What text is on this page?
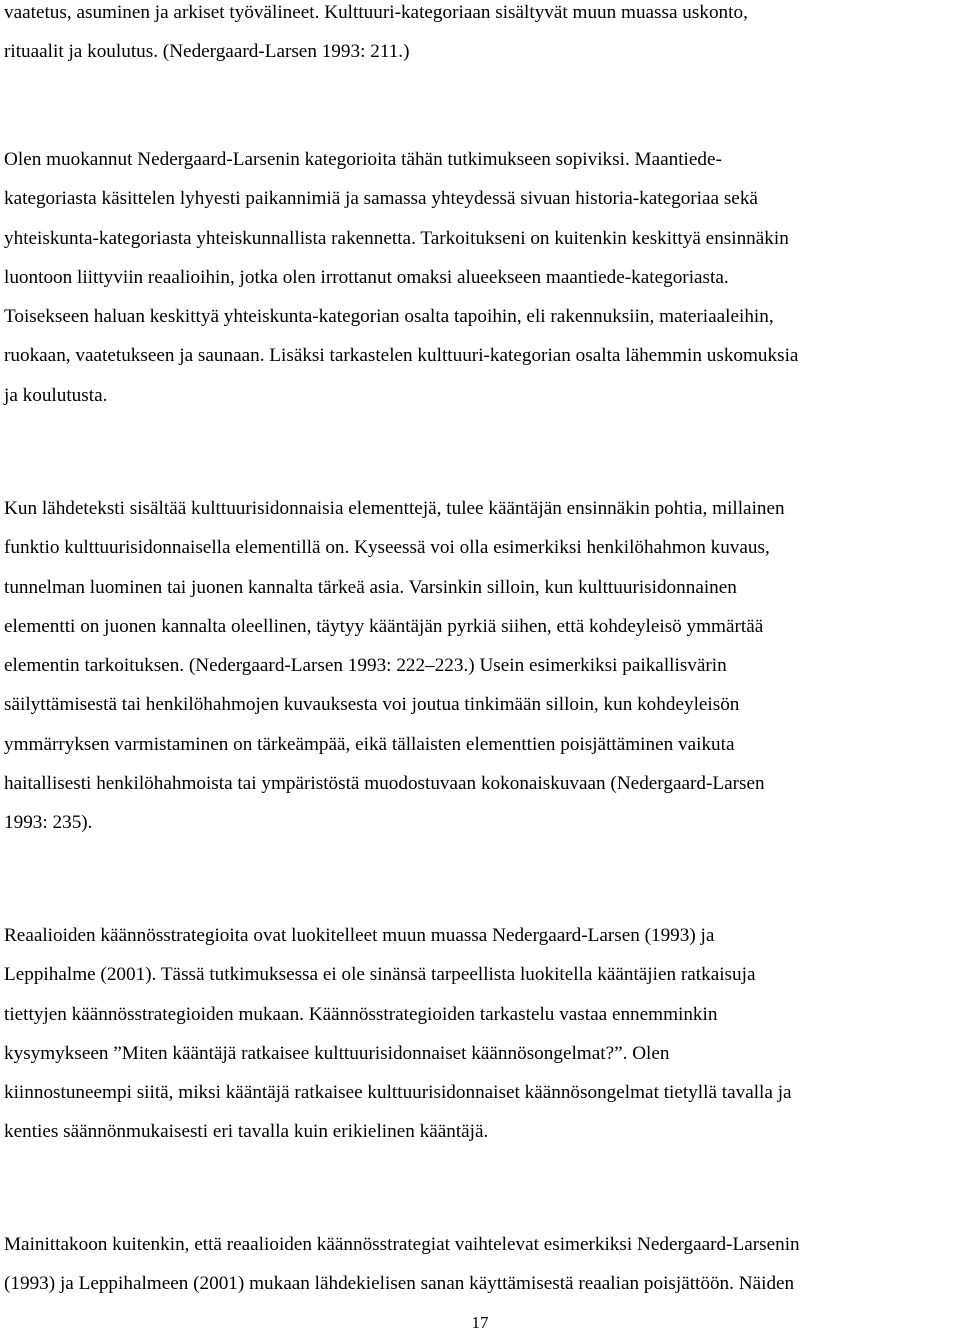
vaatetus, asuminen ja arkiset työvälineet. Kulttuuri-kategoriaan sisältyvät muun muassa uskonto,
rituaalit ja koulutus. (Nedergaard-Larsen 1993: 211.)

Olen muokannut Nedergaard-Larsenin kategorioita tähän tutkimukseen sopiviksi. Maantiede-
kategoriasta käsittelen lyhyesti paikannimiä ja samassa yhteydessä sivuan historia-kategoriaa sekä
yhteiskunta-kategoriasta yhteiskunnallista rakennetta. Tarkoitukseni on kuitenkin keskittyä ensinnäkin
luontoon liittyviin reaalioihin, jotka olen irrottanut omaksi alueekseen maantiede-kategoriasta.
Toisekseen haluan keskittyä yhteiskunta-kategorian osalta tapoihin, eli rakennuksiin, materiaaleihin,
ruokaan, vaatetukseen ja saunaan. Lisäksi tarkastelen kulttuuri-kategorian osalta lähemmin uskomuksia
ja koulutusta.

Kun lähdeteksti sisältää kulttuurisidonnaisia elementtejä, tulee kääntäjän ensinnäkin pohtia, millainen
funktio kulttuurisidonnaisella elementillä on. Kyseessä voi olla esimerkiksi henkilöhahmon kuvaus,
tunnelman luominen tai juonen kannalta tärkeä asia. Varsinkin silloin, kun kulttuurisidonnainen
elementti on juonen kannalta oleellinen, täytyy kääntäjän pyrkiä siihen, että kohdeyleisö ymmärtää
elementin tarkoituksen. (Nedergaard-Larsen 1993: 222–223.) Usein esimerkiksi paikallisvärin
säilyttämisestä tai henkilöhahmojen kuvauksesta voi joutua tinkimään silloin, kun kohdeyleisön
ymmärryksen varmistaminen on tärkeämpää, eikä tällaisten elementtien poisjättäminen vaikuta
haitallisesti henkilöhahmoista tai ympäristöstä muodostuvaan kokonaiskuvaan (Nedergaard-Larsen
1993: 235).

Reaalioiden käännösstrategioita ovat luokitelleet muun muassa Nedergaard-Larsen (1993) ja
Leppihalme (2001). Tässä tutkimuksessa ei ole sinänsä tarpeellista luokitella kääntäjien ratkaisuja
tiettyjen käännösstrategioiden mukaan. Käännösstrategioiden tarkastelu vastaa ennemminkin
kysymykseen ”Miten kääntäjä ratkaisee kulttuurisidonnaiset käännösongelmat?”. Olen
kiinnostuneempi siitä, miksi kääntäjä ratkaisee kulttuurisidonnaiset käännösongelmat tietyllä tavalla ja
kenties säännönmukaisesti eri tavalla kuin erikielinen kääntäjä.

Mainittakoon kuitenkin, että reaalioiden käännösstrategiat vaihtelevat esimerkiksi Nedergaard-Larsenin
(1993) ja Leppihalmeen (2001) mukaan lähdekielisen sanan käyttämisestä reaalian poisjättöön. Näiden

17
